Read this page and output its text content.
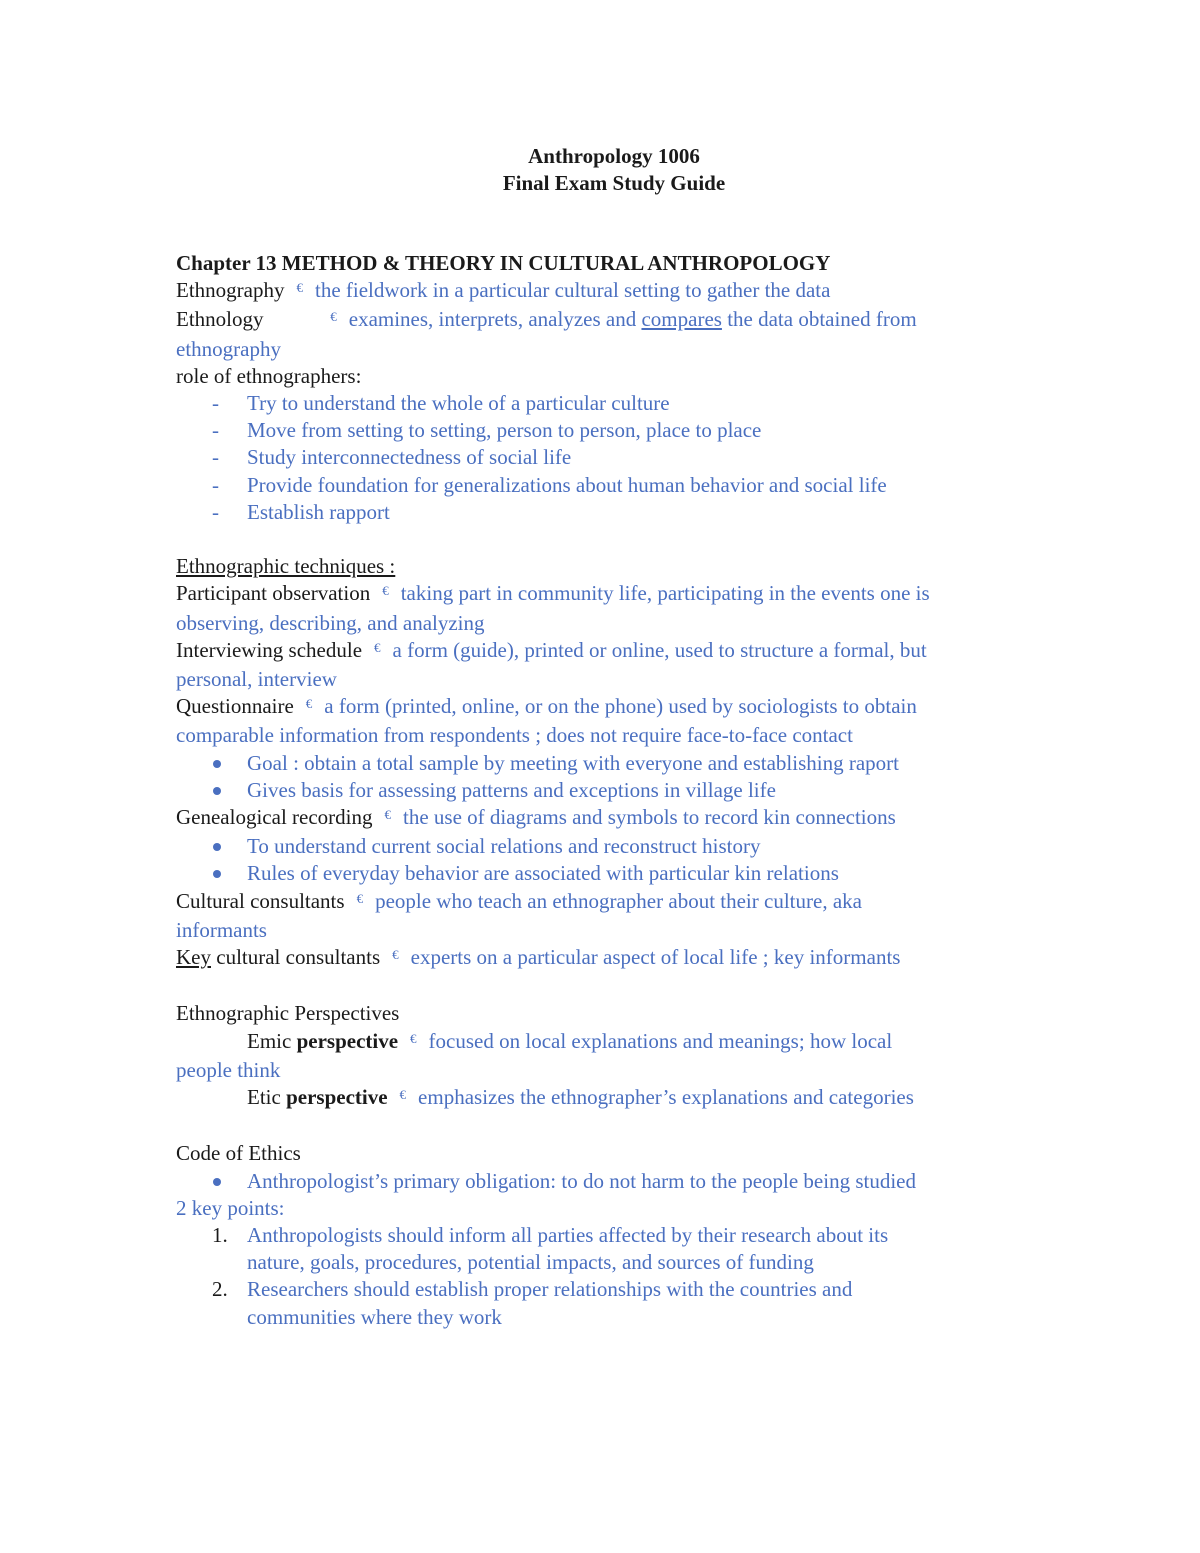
Anthropology 1006
Final Exam Study Guide
Chapter 13 METHOD & THEORY IN CULTURAL ANTHROPOLOGY
Ethnography € the fieldwork in a particular cultural setting to gather the data
Ethnology	€ examines, interprets, analyzes and compares the data obtained from
ethnography
role of ethnographers:
- Try to understand the whole of a particular culture
- Move from setting to setting, person to person, place to place
- Study interconnectedness of social life
- Provide foundation for generalizations about human behavior and social life
- Establish rapport
Ethnographic techniques :
Participant observation € taking part in community life, participating in the events one is
observing, describing, and analyzing
Interviewing schedule € a form (guide), printed or online, used to structure a formal, but
personal, interview
Questionnaire € a form (printed, online, or on the phone) used by sociologists to obtain
comparable information from respondents ; does not require face-to-face contact
Goal : obtain a total sample by meeting with everyone and establishing raport
Gives basis for assessing patterns and exceptions in village life
Genealogical recording € the use of diagrams and symbols to record kin connections
To understand current social relations and reconstruct history
Rules of everyday behavior are associated with particular kin relations
Cultural consultants € people who teach an ethnographer about their culture, aka
informants
Key cultural consultants € experts on a particular aspect of local life ; key informants
Ethnographic Perspectives
Emic perspective € focused on local explanations and meanings; how local
people think
Etic perspective € emphasizes the ethnographer’s explanations and categories
Code of Ethics
Anthropologist’s primary obligation: to do not harm to the people being studied
2 key points:
1. Anthropologists should inform all parties affected by their research about its
nature, goals, procedures, potential impacts, and sources of funding
2. Researchers should establish proper relationships with the countries and
communities where they work
